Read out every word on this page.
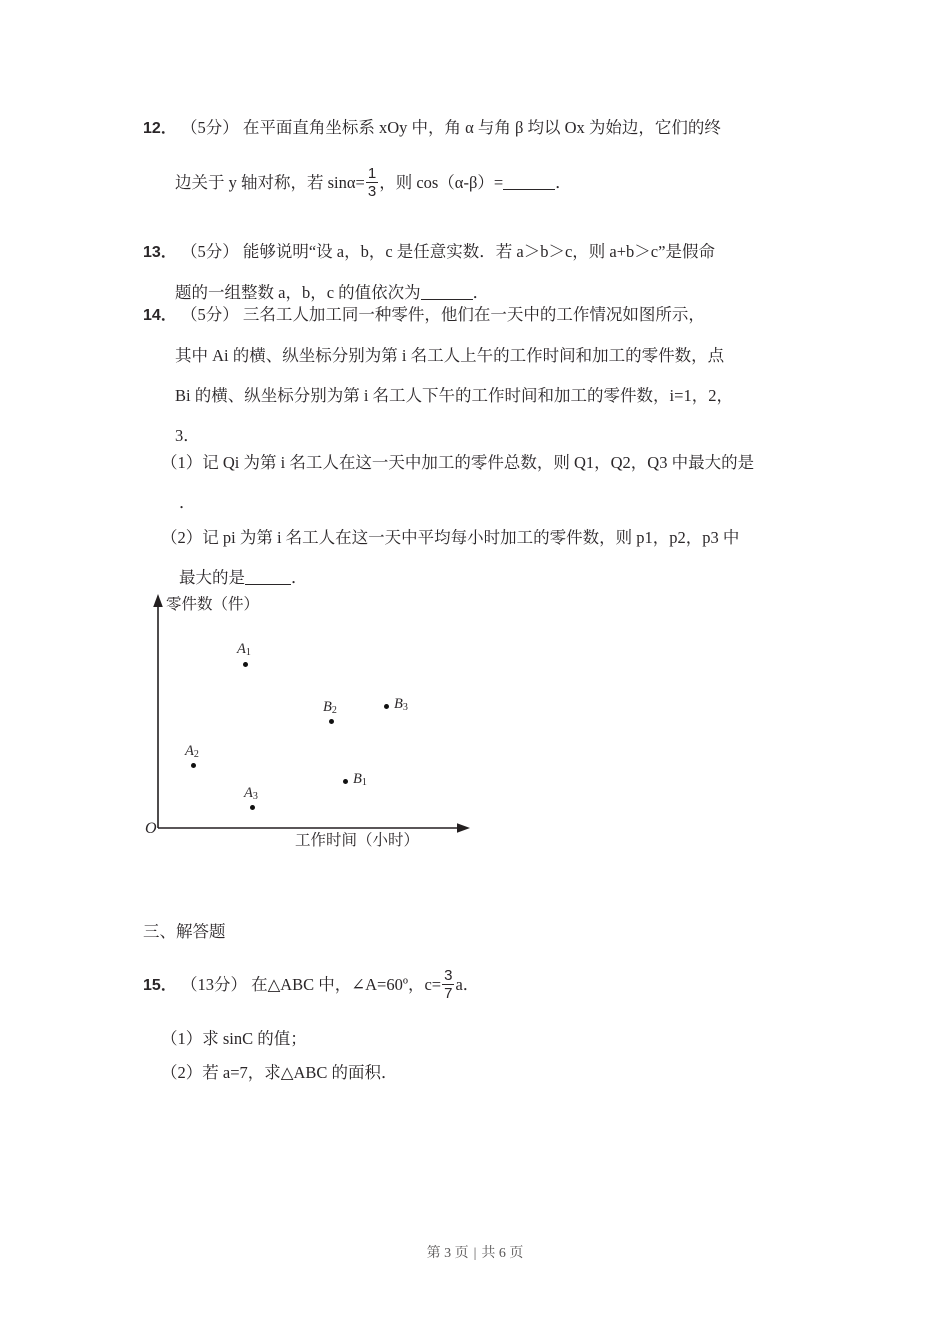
12． （5分） 在平面直角坐标系 xOy 中，角 α 与角 β 均以 Ox 为始边，它们的终
边关于 y 轴对称，若 $\sin\alpha= \frac{1}{3}$ ，则 cos（α‑β）=	．
13． （5分） 能够说明“设 a，b，c 是任意实数．若 a＞b＞c，则 a+b＞c”是假命
题的一组整数 a，b，c 的值依次为	．
14． （5分） 三名工人加工同一种零件，他们在一天中的工作情况如图所示，
其中 Ai 的横、纵坐标分别为第 i 名工人上午的工作时间和加工的零件数，点
Bi 的横、纵坐标分别为第 i 名工人下午的工作时间和加工的零件数，i=1，2，
3．
（1）记 Qi 为第 i 名工人在这一天中加工的零件总数，则 Q1，Q2，Q3 中最大的是
．
（2）记 pi 为第 i 名工人在这一天中平均每小时加工的零件数，则 p1，p2，p3 中
最大的是	．
零件数（件）
工作时间（小时）
O
$A_1$
$A_2$
$A_3$
$B_1$
$B_2$	$B_3$
三、解答题
15． （13分） 在△ABC 中，∠A=60º，$c= \frac{3}{7}$ a．
（1）求 sinC 的值；
（2）若 a=7，求△ABC 的面积．
第 3 页 | 共 6 页
